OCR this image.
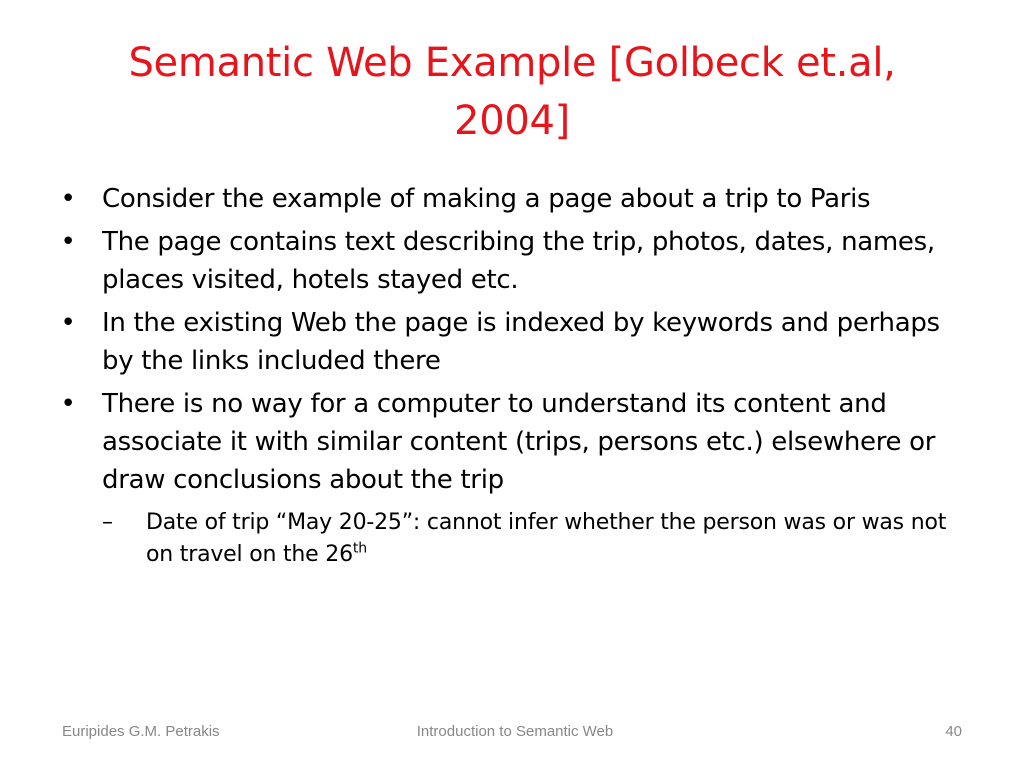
Semantic Web Example [Golbeck et.al,
2004]
• Consider the example of making a page about a trip to Paris
• The page contains text describing the trip, photos, dates, names, places visited, hotels stayed etc.
• In the existing Web the page is indexed by keywords and perhaps by the links included there
• There is no way for a computer to understand its content and associate it with similar content (trips, persons etc.) elsewhere or draw conclusions about the trip
–	Date of trip “May 20-25”: cannot infer whether the person was or was not on travel on the 26th
Euripides G.M. Petrakis	Introduction to Semantic Web	40
